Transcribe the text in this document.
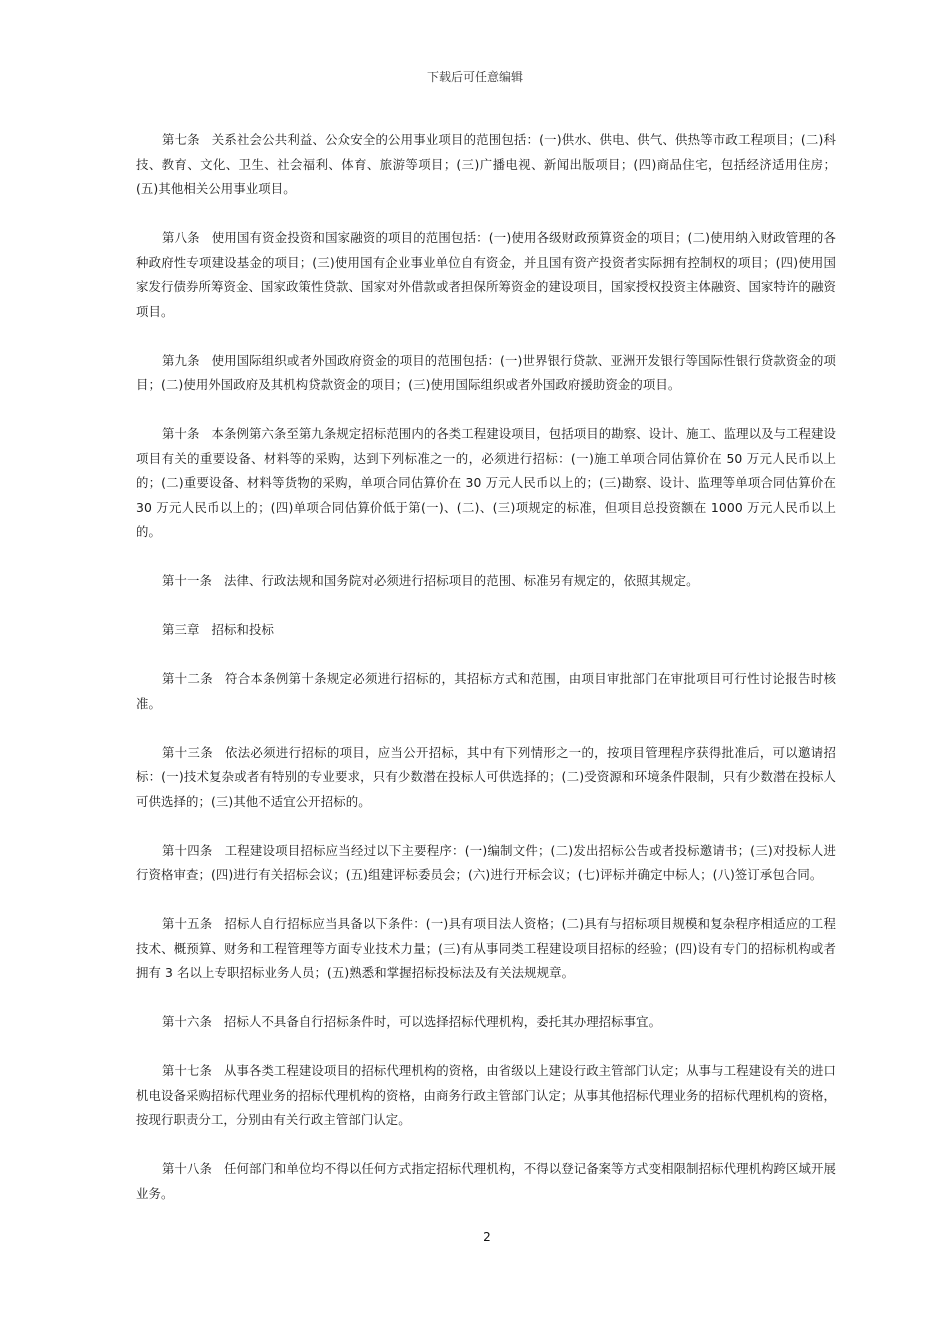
下载后可任意编辑

第七条 关系社会公共利益、公众安全的公用事业项目的范围包括：(一)供水、供电、供气、供热等市政工程项目；(二)科技、教育、文化、卫生、社会福利、体育、旅游等项目；(三)广播电视、新闻出版项目；(四)商品住宅，包括经济适用住房；(五)其他相关公用事业项目。

第八条 使用国有资金投资和国家融资的项目的范围包括：(一)使用各级财政预算资金的项目；(二)使用纳入财政管理的各种政府性专项建设基金的项目；(三)使用国有企业事业单位自有资金，并且国有资产投资者实际拥有控制权的项目；(四)使用国家发行债券所筹资金、国家政策性贷款、国家对外借款或者担保所筹资金的建设项目，国家授权投资主体融资、国家特许的融资项目。

第九条 使用国际组织或者外国政府资金的项目的范围包括：(一)世界银行贷款、亚洲开发银行等国际性银行贷款资金的项目；(二)使用外国政府及其机构贷款资金的项目；(三)使用国际组织或者外国政府援助资金的项目。

第十条 本条例第六条至第九条规定招标范围内的各类工程建设项目，包括项目的勘察、设计、施工、监理以及与工程建设项目有关的重要设备、材料等的采购，达到下列标准之一的，必须进行招标：(一)施工单项合同估算价在 50 万元人民币以上的；(二)重要设备、材料等货物的采购，单项合同估算价在 30 万元人民币以上的；(三)勘察、设计、监理等单项合同估算价在 30 万元人民币以上的；(四)单项合同估算价低于第(一)、(二)、(三)项规定的标准，但项目总投资额在 1000 万元人民币以上的。

第十一条 法律、行政法规和国务院对必须进行招标项目的范围、标准另有规定的，依照其规定。

第三章 招标和投标

第十二条 符合本条例第十条规定必须进行招标的，其招标方式和范围，由项目审批部门在审批项目可行性讨论报告时核准。

第十三条 依法必须进行招标的项目，应当公开招标，其中有下列情形之一的，按项目管理程序获得批准后，可以邀请招标：(一)技术复杂或者有特别的专业要求，只有少数潜在投标人可供选择的；(二)受资源和环境条件限制，只有少数潜在投标人可供选择的；(三)其他不适宜公开招标的。

第十四条 工程建设项目招标应当经过以下主要程序：(一)编制文件；(二)发出招标公告或者投标邀请书；(三)对投标人进行资格审查；(四)进行有关招标会议；(五)组建评标委员会；(六)进行开标会议；(七)评标并确定中标人；(八)签订承包合同。

第十五条 招标人自行招标应当具备以下条件：(一)具有项目法人资格；(二)具有与招标项目规模和复杂程序相适应的工程技术、概预算、财务和工程管理等方面专业技术力量；(三)有从事同类工程建设项目招标的经验；(四)设有专门的招标机构或者拥有 3 名以上专职招标业务人员；(五)熟悉和掌握招标投标法及有关法规规章。

第十六条 招标人不具备自行招标条件时，可以选择招标代理机构，委托其办理招标事宜。

第十七条 从事各类工程建设项目的招标代理机构的资格，由省级以上建设行政主管部门认定；从事与工程建设有关的进口机电设备采购招标代理业务的招标代理机构的资格，由商务行政主管部门认定；从事其他招标代理业务的招标代理机构的资格，按现行职责分工，分别由有关行政主管部门认定。

第十八条 任何部门和单位均不得以任何方式指定招标代理机构，不得以登记备案等方式变相限制招标代理机构跨区域开展业务。

2
